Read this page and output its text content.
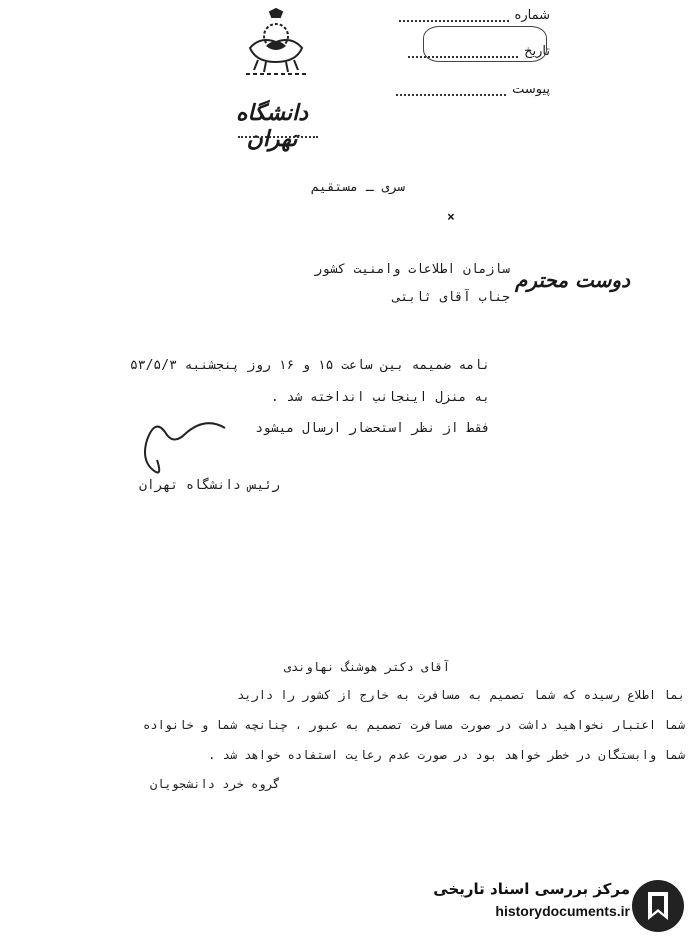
شماره
تاریخ
پیوست
دانشگاه تهران
سری ـ مستقیم
×
سازمان اطلاعات وامنیت کشور دوست محترم
جناب آقای ثابتی
نامه ضمیمه بین ساعت ۱۵ و ۱۶ روز پنجشنبه ۵۳/۵/۳
به منزل اینجانب انداخته شد .
فقط از نظر استحضار ارسال میشود
رئیس دانشگاه تهران
آقای دکتر هوشنگ نهاوندی
بما اطلاع رسیده که شما تصمیم به مسافرت به خارج از کشور را دارید
شما اعتبار نخواهید داشت در صورت مسافرت تصمیم به عبور ، چنانچه شما و خانواده
شما وابستگان در خطر خواهد بود در صورت عدم رعایت استفاده خواهد شد .
گروه خرد دانشجویان
مرکز بررسی اسناد تاریخی
historydocuments.ir
